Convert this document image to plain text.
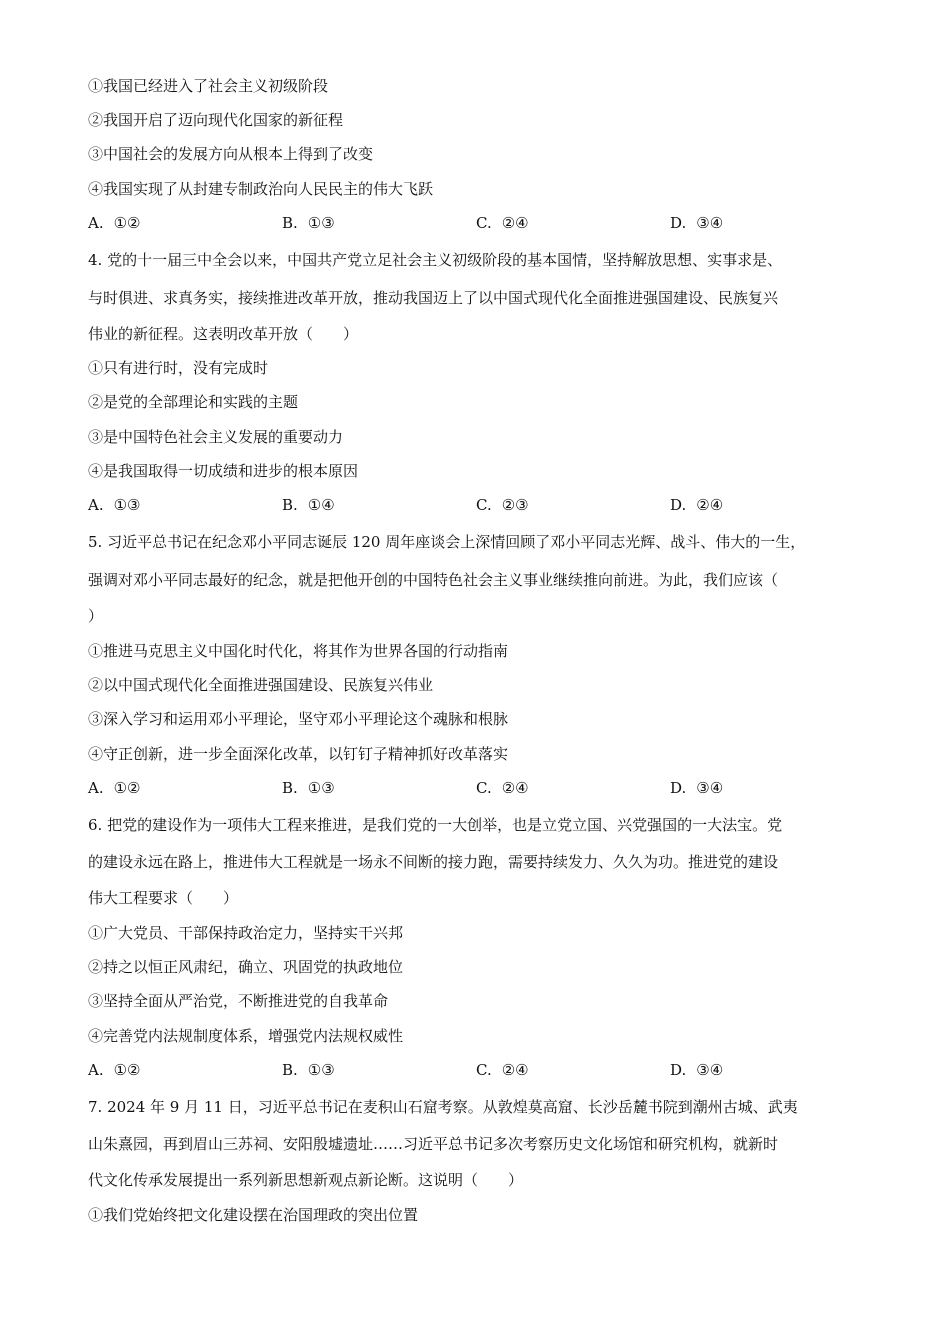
①我国已经进入了社会主义初级阶段
②我国开启了迈向现代化国家的新征程
③中国社会的发展方向从根本上得到了改变
④我国实现了从封建专制政治向人民民主的伟大飞跃
A. ①②	B. ①③	C. ②④	D. ③④
4. 党的十一届三中全会以来，中国共产党立足社会主义初级阶段的基本国情，坚持解放思想、实事求是、
与时俱进、求真务实，接续推进改革开放，推动我国迈上了以中国式现代化全面推进强国建设、民族复兴
伟业的新征程。这表明改革开放（　　）
①只有进行时，没有完成时
②是党的全部理论和实践的主题
③是中国特色社会主义发展的重要动力
④是我国取得一切成绩和进步的根本原因
A. ①③	B. ①④	C. ②③	D. ②④
5. 习近平总书记在纪念邓小平同志诞辰 120 周年座谈会上深情回顾了邓小平同志光辉、战斗、伟大的一生，
强调对邓小平同志最好的纪念，就是把他开创的中国特色社会主义事业继续推向前进。为此，我们应该（
）
①推进马克思主义中国化时代化，将其作为世界各国的行动指南
②以中国式现代化全面推进强国建设、民族复兴伟业
③深入学习和运用邓小平理论，坚守邓小平理论这个魂脉和根脉
④守正创新，进一步全面深化改革，以钉钉子精神抓好改革落实
A. ①②	B. ①③	C. ②④	D. ③④
6. 把党的建设作为一项伟大工程来推进，是我们党的一大创举，也是立党立国、兴党强国的一大法宝。党
的建设永远在路上，推进伟大工程就是一场永不间断的接力跑，需要持续发力、久久为功。推进党的建设
伟大工程要求（　　）
①广大党员、干部保持政治定力，坚持实干兴邦
②持之以恒正风肃纪，确立、巩固党的执政地位
③坚持全面从严治党，不断推进党的自我革命
④完善党内法规制度体系，增强党内法规权威性
A. ①②	B. ①③	C. ②④	D. ③④
7. 2024 年 9 月 11 日，习近平总书记在麦积山石窟考察。从敦煌莫高窟、长沙岳麓书院到潮州古城、武夷
山朱熹园，再到眉山三苏祠、安阳殷墟遗址……习近平总书记多次考察历史文化场馆和研究机构，就新时
代文化传承发展提出一系列新思想新观点新论断。这说明（　　）
①我们党始终把文化建设摆在治国理政的突出位置
